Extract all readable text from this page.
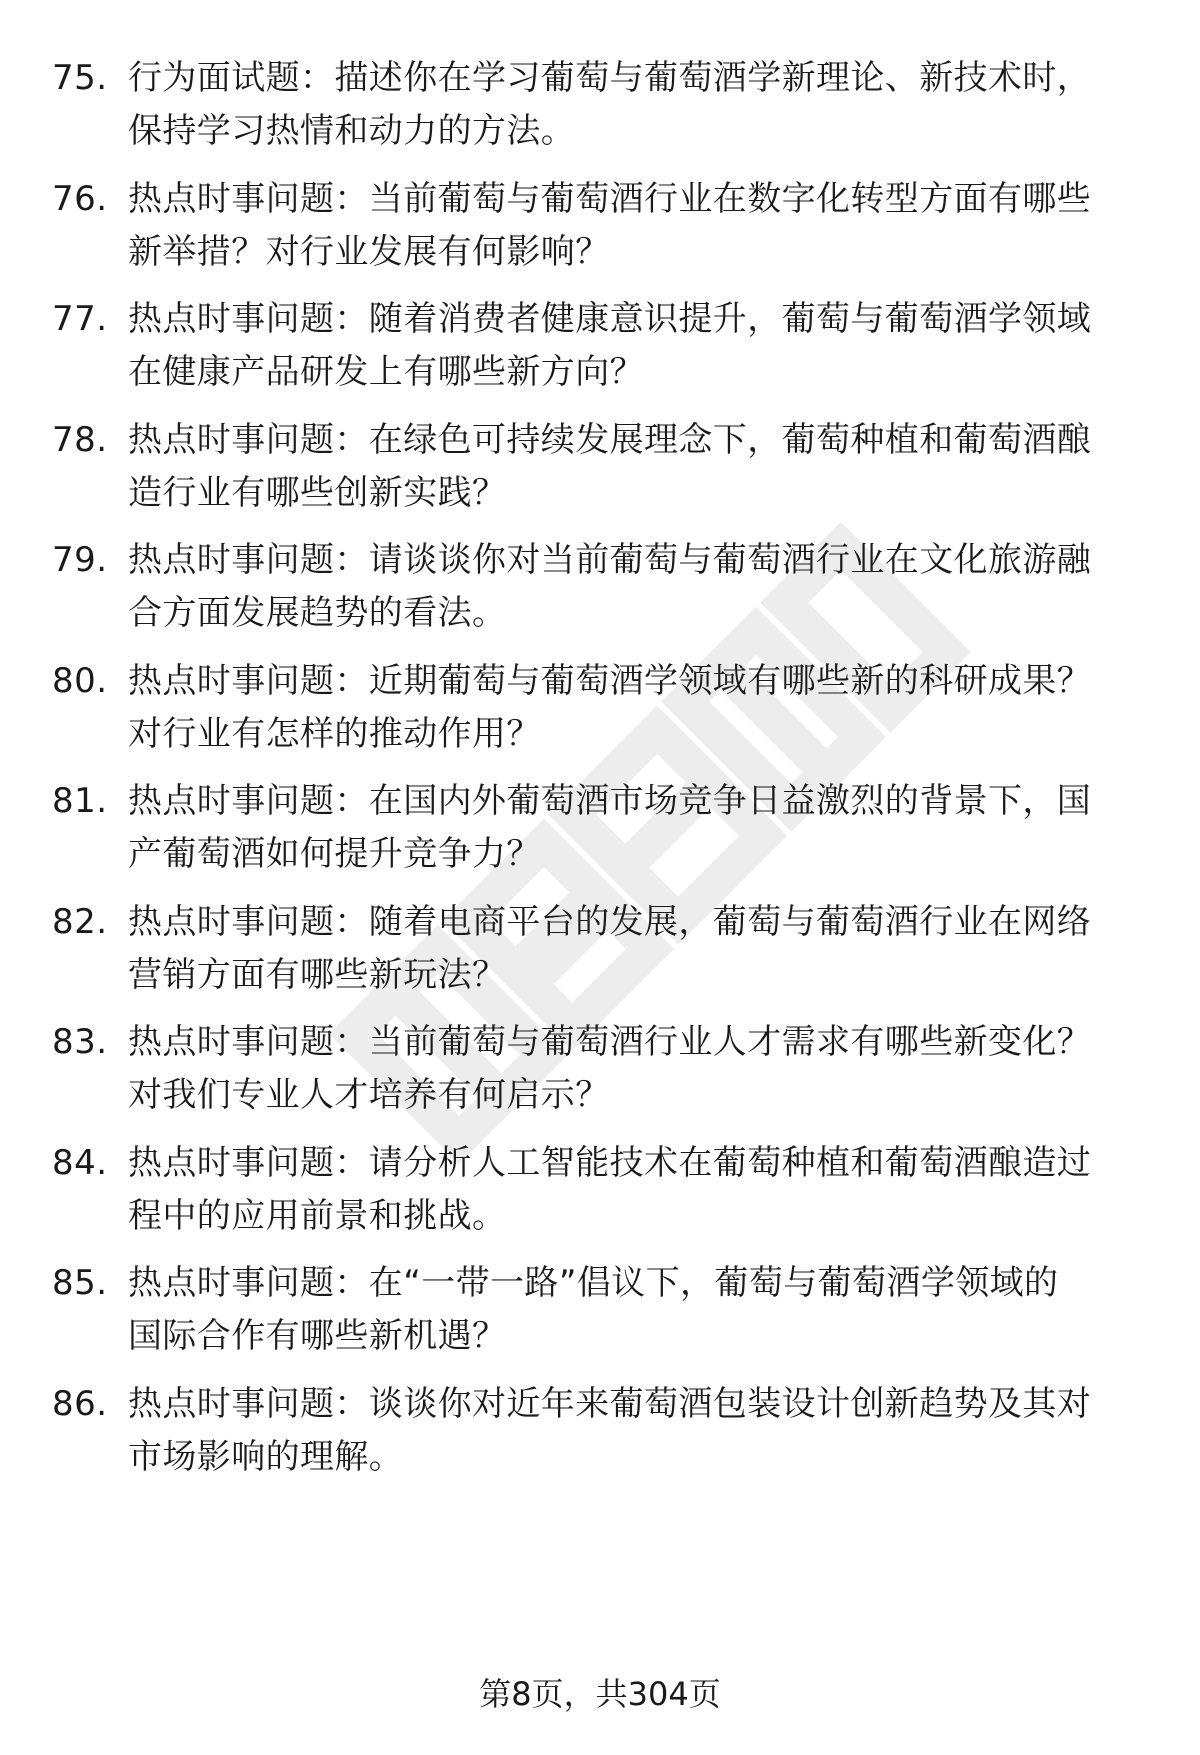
75. 行为面试题：描述你在学习葡萄与葡萄酒学新理论、新技术时，
保持学习热情和动力的方法。
76. 热点时事问题：当前葡萄与葡萄酒行业在数字化转型方面有哪些
新举措？对行业发展有何影响？
77. 热点时事问题：随着消费者健康意识提升，葡萄与葡萄酒学领域
在健康产品研发上有哪些新方向？
78. 热点时事问题：在绿色可持续发展理念下，葡萄种植和葡萄酒酿
造行业有哪些创新实践？
79. 热点时事问题：请谈谈你对当前葡萄与葡萄酒行业在文化旅游融
合方面发展趋势的看法。
80. 热点时事问题：近期葡萄与葡萄酒学领域有哪些新的科研成果？
对行业有怎样的推动作用？
81. 热点时事问题：在国内外葡萄酒市场竞争日益激烈的背景下，国
产葡萄酒如何提升竞争力？
82. 热点时事问题：随着电商平台的发展，葡萄与葡萄酒行业在网络
营销方面有哪些新玩法？
83. 热点时事问题：当前葡萄与葡萄酒行业人才需求有哪些新变化？
对我们专业人才培养有何启示？
84. 热点时事问题：请分析人工智能技术在葡萄种植和葡萄酒酿造过
程中的应用前景和挑战。
85. 热点时事问题：在“一带一路”倡议下，葡萄与葡萄酒学领域的
国际合作有哪些新机遇？
86. 热点时事问题：谈谈你对近年来葡萄酒包装设计创新趋势及其对
市场影响的理解。
第8页，共304页
